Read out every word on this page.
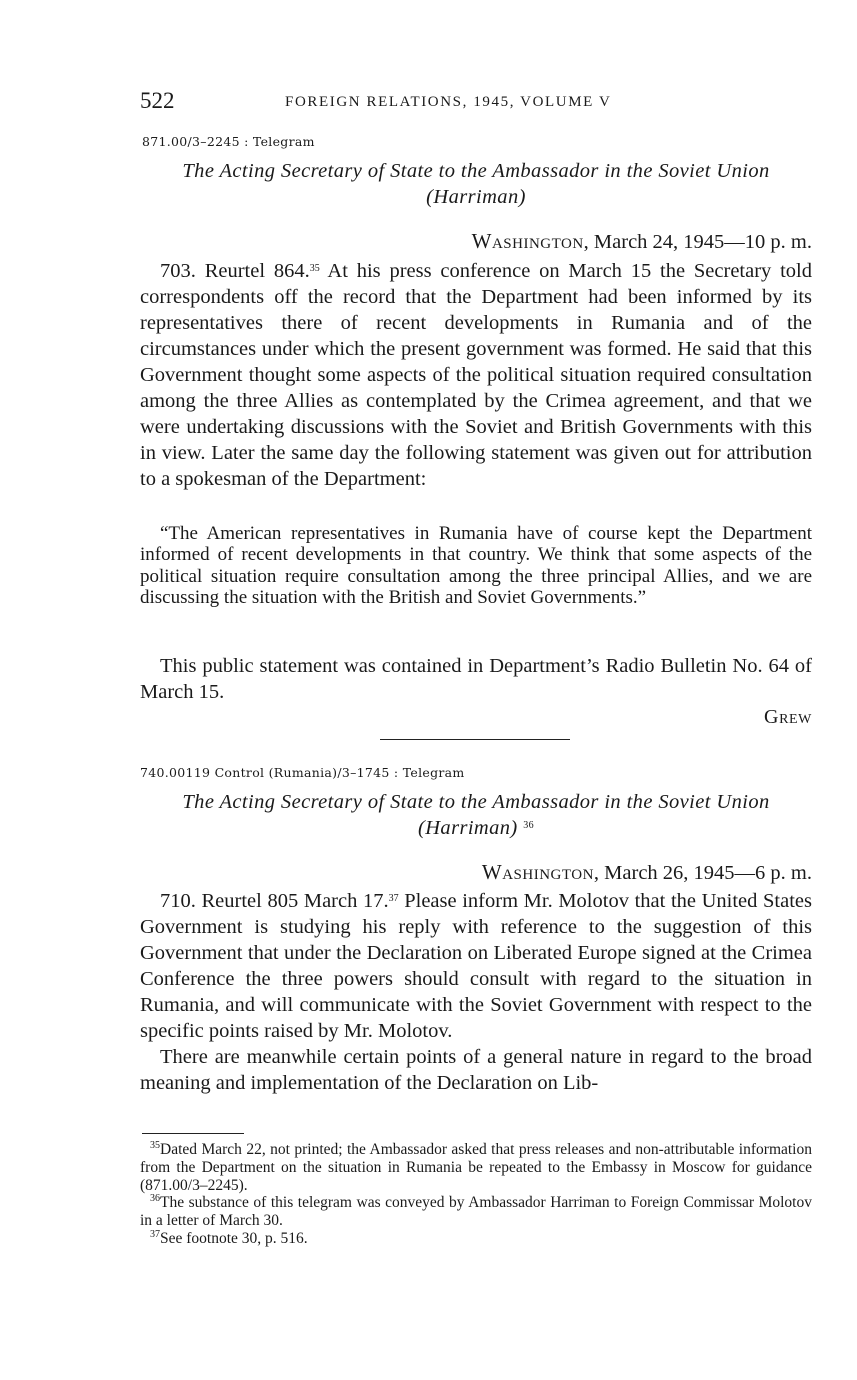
522	FOREIGN RELATIONS, 1945, VOLUME V
871.00/3–2245 : Telegram
The Acting Secretary of State to the Ambassador in the Soviet Union
(Harriman)
Washington, March 24, 1945—10 p. m.

703. Reurtel 864.35 At his press conference on March 15 the Secretary told correspondents off the record that the Department had been informed by its representatives there of recent developments in Rumania and of the circumstances under which the present government was formed. He said that this Government thought some aspects of the political situation required consultation among the three Allies as contemplated by the Crimea agreement, and that we were undertaking discussions with the Soviet and British Governments with this in view. Later the same day the following statement was given out for attribution to a spokesman of the Department:

“The American representatives in Rumania have of course kept the Department informed of recent developments in that country. We think that some aspects of the political situation require consultation among the three principal Allies, and we are discussing the situation with the British and Soviet Governments.”

This public statement was contained in Department’s Radio Bulletin No. 64 of March 15.

Grew
740.00119 Control (Rumania)/3–1745 : Telegram
The Acting Secretary of State to the Ambassador in the Soviet Union
(Harriman) $^{36}$
Washington, March 26, 1945—6 p. m.

710. Reurtel 805 March 17.37 Please inform Mr. Molotov that the United States Government is studying his reply with reference to the suggestion of this Government that under the Declaration on Liberated Europe signed at the Crimea Conference the three powers should consult with regard to the situation in Rumania, and will communicate with the Soviet Government with respect to the specific points raised by Mr. Molotov.

There are meanwhile certain points of a general nature in regard to the broad meaning and implementation of the Declaration on Lib-

$^{35}$Dated March 22, not printed; the Ambassador asked that press releases and non-attributable information from the Department on the situation in Rumania be repeated to the Embassy in Moscow for guidance (871.00/3–2245).

$^{36}$The substance of this telegram was conveyed by Ambassador Harriman to Foreign Commissar Molotov in a letter of March 30.

$^{37}$See footnote 30, p. 516.
